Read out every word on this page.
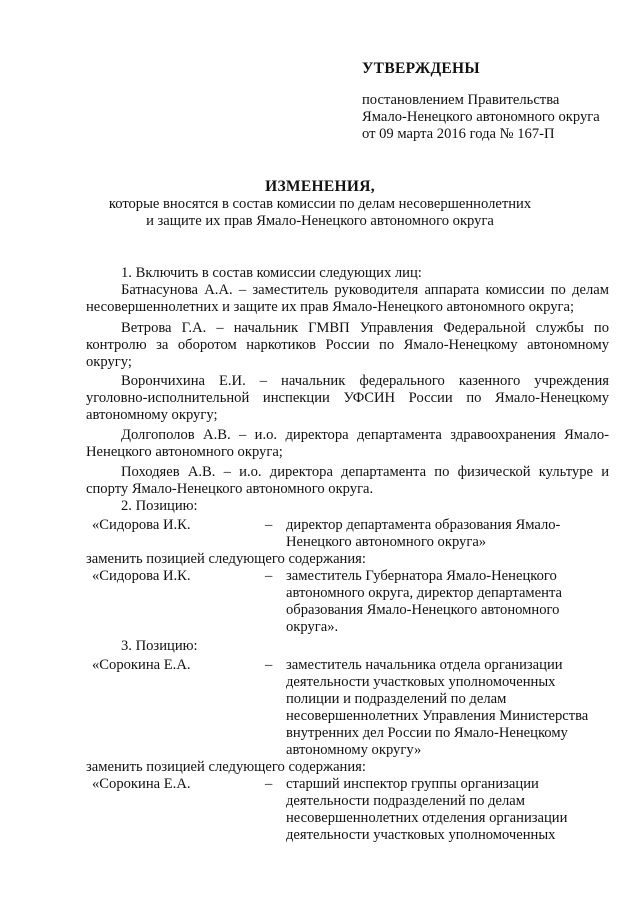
УТВЕРЖДЕНЫ
постановлением Правительства
Ямало-Ненецкого автономного округа
от 09 марта 2016 года № 167-П
ИЗМЕНЕНИЯ,
которые вносятся в состав комиссии по делам несовершеннолетних
и защите их прав Ямало-Ненецкого автономного округа
1. Включить в состав комиссии следующих лиц:
Батнасунова А.А. – заместитель руководителя аппарата комиссии по делам
несовершеннолетних и защите их прав Ямало-Ненецкого автономного округа;
Ветрова Г.А. – начальник ГМВП Управления Федеральной службы по
контролю за оборотом наркотиков России по Ямало-Ненецкому автономному
округу;
Ворончихина Е.И. – начальник федерального казенного учреждения
уголовно-исполнительной инспекции УФСИН России по Ямало-Ненецкому
автономному округу;
Долгополов А.В. – и.о. директора департамента здравоохранения Ямало-
Ненецкого автономного округа;
Походяев А.В. – и.о. директора департамента по физической культуре и
спорту Ямало-Ненецкого автономного округа.
2. Позицию:
«Сидорова И.К.	– директор департамента образования Ямало-
Ненецкого автономного округа»
заменить позицией следующего содержания:
«Сидорова И.К.	– заместитель Губернатора Ямало-Ненецкого
автономного округа, директор департамента
образования Ямало-Ненецкого автономного
округа».
3. Позицию:
«Сорокина Е.А.	– заместитель начальника отдела организации
деятельности участковых уполномоченных
полиции и подразделений по делам
несовершеннолетних Управления Министерства
внутренних дел России по Ямало-Ненецкому
автономному округу»
заменить позицией следующего содержания:
«Сорокина Е.А.	– старший инспектор группы организации
деятельности подразделений по делам
несовершеннолетних отделения организации
деятельности участковых уполномоченных
